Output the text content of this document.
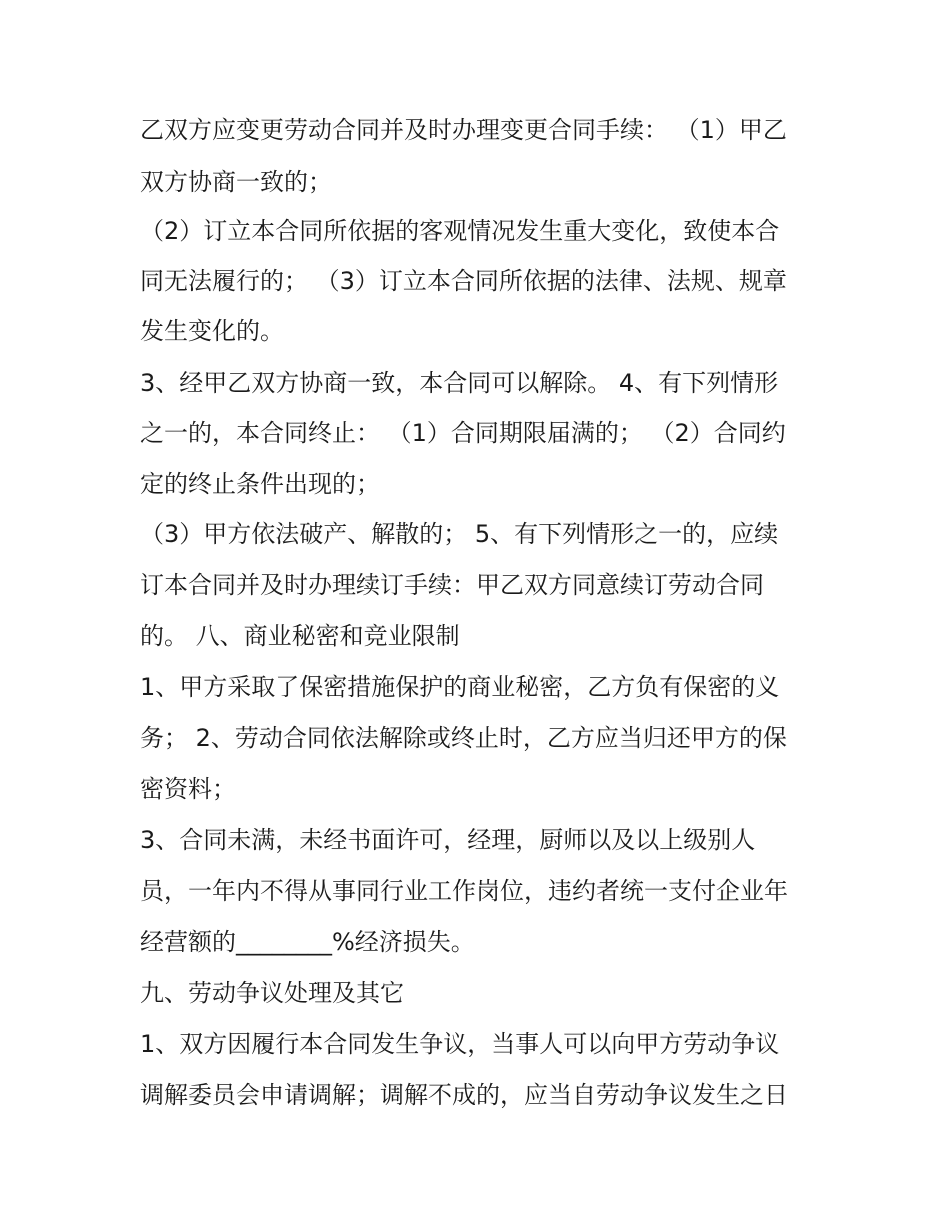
乙双方应变更劳动合同并及时办理变更合同手续： （1）甲乙
双方协商一致的；
（2）订立本合同所依据的客观情况发生重大变化，致使本合
同无法履行的； （3）订立本合同所依据的法律、法规、规章
发生变化的。
3、经甲乙双方协商一致，本合同可以解除。 4、有下列情形
之一的，本合同终止： （1）合同期限届满的； （2）合同约
定的终止条件出现的；
（3）甲方依法破产、解散的； 5、有下列情形之一的，应续
订本合同并及时办理续订手续：甲乙双方同意续订劳动合同
的。 八、商业秘密和竞业限制
1、甲方采取了保密措施保护的商业秘密，乙方负有保密的义
务； 2、劳动合同依法解除或终止时，乙方应当归还甲方的保
密资料；
3、合同未满，未经书面许可，经理，厨师以及以上级别人
员，一年内不得从事同行业工作岗位，违约者统一支付企业年
经营额的________%经济损失。
九、劳动争议处理及其它
1、双方因履行本合同发生争议，当事人可以向甲方劳动争议
调解委员会申请调解；调解不成的，应当自劳动争议发生之日
